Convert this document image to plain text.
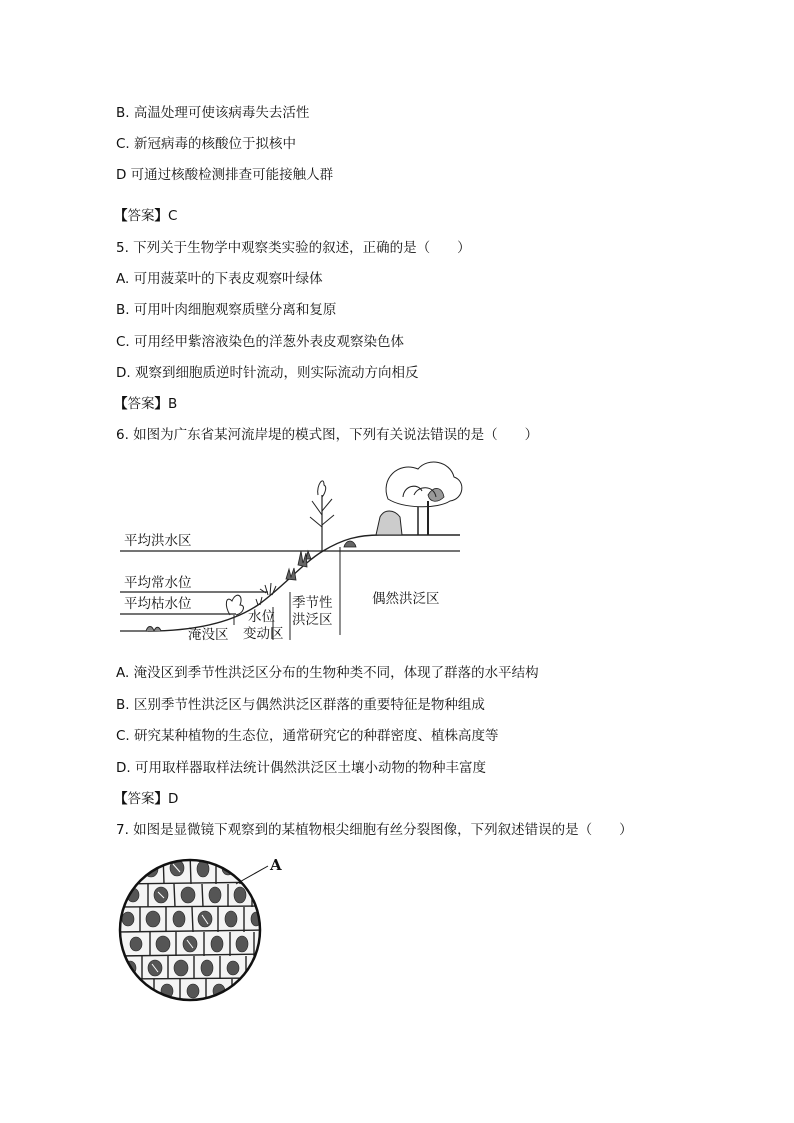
B. 高温处理可使该病毒失去活性
C. 新冠病毒的核酸位于拟核中
D 可通过核酸检测排查可能接触人群
【答案】C
5. 下列关于生物学中观察类实验的叙述，正确的是（　　）
A. 可用菠菜叶的下表皮观察叶绿体
B. 可用叶肉细胞观察质壁分离和复原
C. 可用经甲紫溶液染色的洋葱外表皮观察染色体
D. 观察到细胞质逆时针流动，则实际流动方向相反
【答案】B
6. 如图为广东省某河流岸堤的模式图，下列有关说法错误的是（　　）
平均洪水区
平均常水位
平均枯水位
淹没区
水位
变动区
季节性
洪泛区
偶然洪泛区
A. 淹没区到季节性洪泛区分布的生物种类不同，体现了群落的水平结构
B. 区别季节性洪泛区与偶然洪泛区群落的重要特征是物种组成
C. 研究某种植物的生态位，通常研究它的种群密度、植株高度等
D. 可用取样器取样法统计偶然洪泛区土壤小动物的物种丰富度
【答案】D
7. 如图是显微镜下观察到的某植物根尖细胞有丝分裂图像，下列叙述错误的是（　　）
A
